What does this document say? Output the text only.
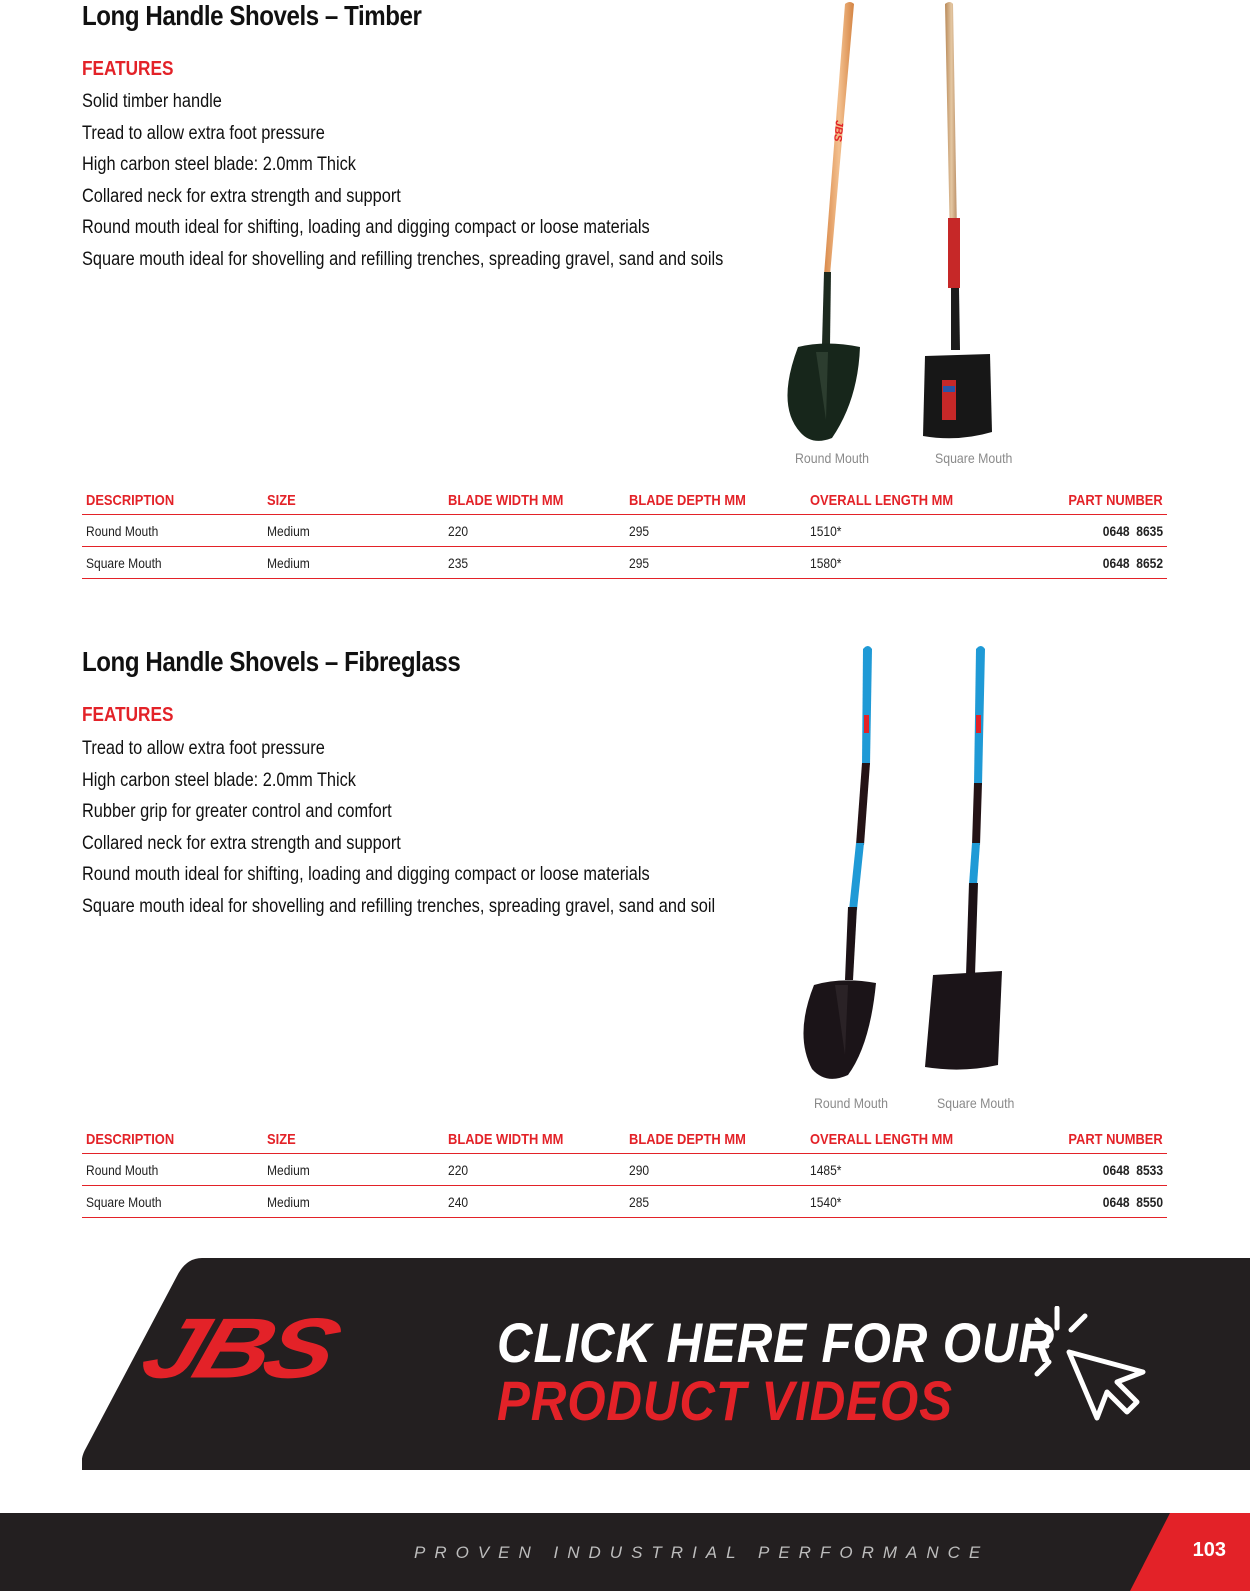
Long Handle Shovels – Timber
FEATURES
Solid timber handle
Tread to allow extra foot pressure
High carbon steel blade: 2.0mm Thick
Collared neck for extra strength and support
Round mouth ideal for shifting, loading and digging compact or loose materials
Square mouth ideal for shovelling and refilling trenches, spreading gravel, sand and soils
JBS
Round Mouth	Square Mouth
DESCRIPTION	SIZE	BLADE WIDTH MM	BLADE DEPTH MM	OVERALL LENGTH MM	PART NUMBER
Round Mouth	Medium	220	295	1510*	0648  8635
Square Mouth	Medium	235	295	1580*	0648  8652
Long Handle Shovels – Fibreglass
FEATURES
Tread to allow extra foot pressure
High carbon steel blade: 2.0mm Thick
Rubber grip for greater control and comfort
Collared neck for extra strength and support
Round mouth ideal for shifting, loading and digging compact or loose materials
Square mouth ideal for shovelling and refilling trenches, spreading gravel, sand and soil
Round Mouth	Square Mouth
DESCRIPTION	SIZE	BLADE WIDTH MM	BLADE DEPTH MM	OVERALL LENGTH MM	PART NUMBER
Round Mouth	Medium	220	290	1485*	0648  8533
Square Mouth	Medium	240	285	1540*	0648  8550
JBS	CLICK HERE FOR OUR
PRODUCT VIDEOS
PROVEN INDUSTRIAL PERFORMANCE	103
